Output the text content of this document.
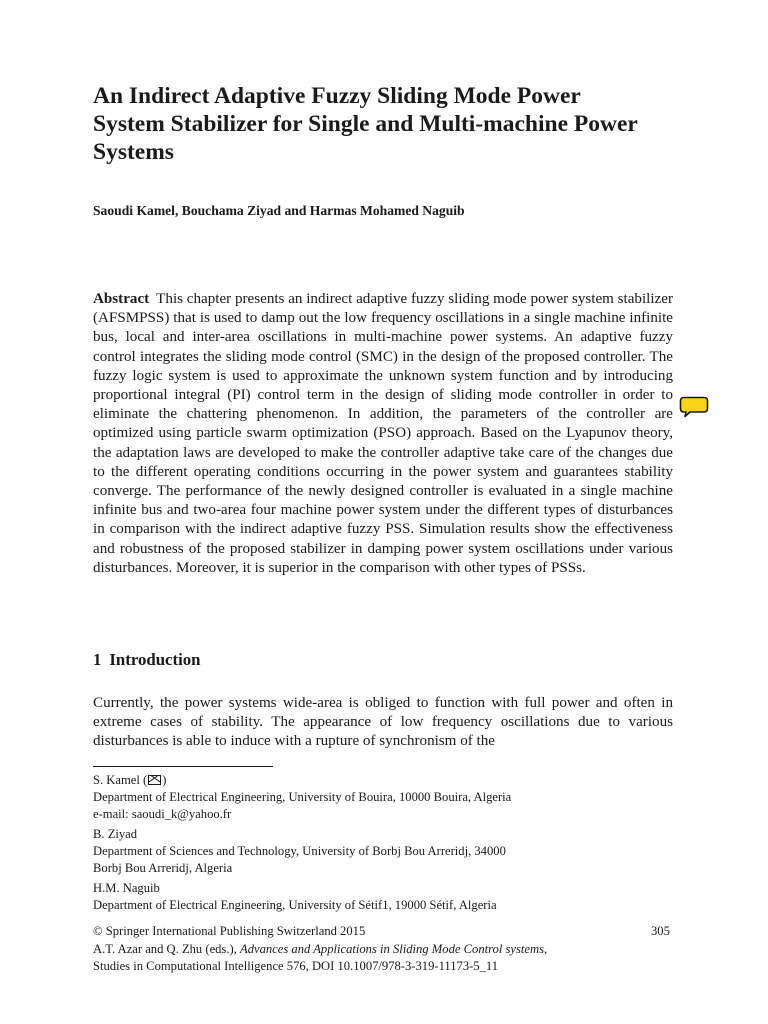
An Indirect Adaptive Fuzzy Sliding Mode Power System Stabilizer for Single and Multi-machine Power Systems

Saoudi Kamel, Bouchama Ziyad and Harmas Mohamed Naguib

Abstract This chapter presents an indirect adaptive fuzzy sliding mode power system stabilizer (AFSMPSS) that is used to damp out the low frequency oscillations in a single machine infinite bus, local and inter-area oscillations in multi-machine power systems. An adaptive fuzzy control integrates the sliding mode control (SMC) in the design of the proposed controller. The fuzzy logic system is used to approximate the unknown system function and by introducing proportional integral (PI) control term in the design of sliding mode controller in order to eliminate the chattering phenomenon. In addition, the parameters of the controller are optimized using particle swarm optimization (PSO) approach. Based on the Lyapunov theory, the adaptation laws are developed to make the controller adaptive take care of the changes due to the different operating conditions occurring in the power system and guarantees stability converge. The performance of the newly designed controller is evaluated in a single machine infinite bus and two-area four machine power system under the different types of disturbances in comparison with the indirect adaptive fuzzy PSS. Simulation results show the effectiveness and robustness of the proposed stabilizer in damping power system oscillations under various disturbances. Moreover, it is superior in the comparison with other types of PSSs.

1 Introduction

Currently, the power systems wide-area is obliged to function with full power and often in extreme cases of stability. The appearance of low frequency oscillations due to various disturbances is able to induce with a rupture of synchronism of the

S. Kamel ( )
Department of Electrical Engineering, University of Bouira, 10000 Bouira, Algeria
e-mail: saoudi_k@yahoo.fr
B. Ziyad
Department of Sciences and Technology, University of Borbj Bou Arreridj, 34000
Borbj Bou Arreridj, Algeria
H.M. Naguib
Department of Electrical Engineering, University of Sétif1, 19000 Sétif, Algeria
© Springer International Publishing Switzerland 2015
A.T. Azar and Q. Zhu (eds.), Advances and Applications in Sliding Mode Control systems,
Studies in Computational Intelligence 576, DOI 10.1007/978-3-319-11173-5_11

305
